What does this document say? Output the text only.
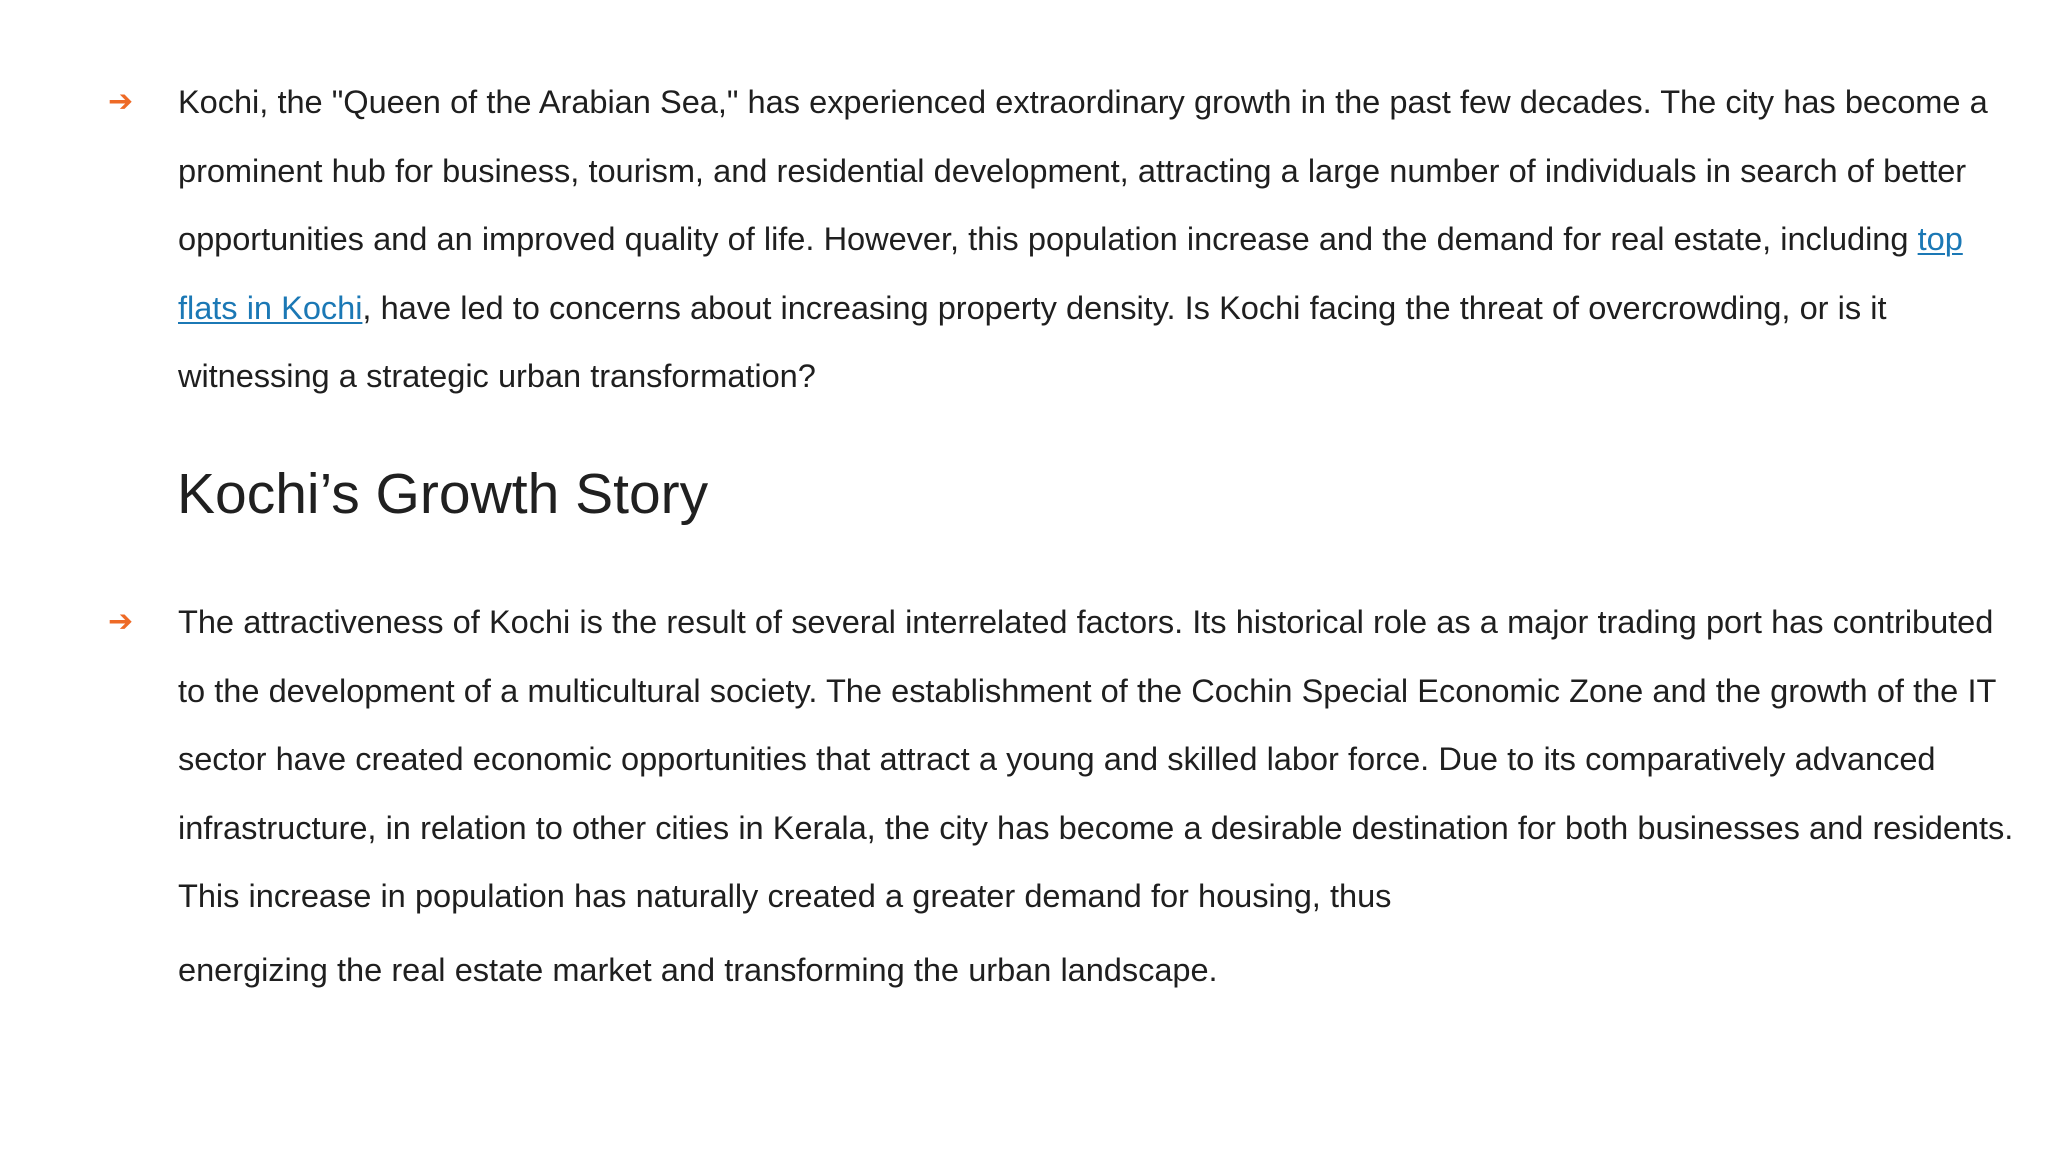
➔ Kochi, the "Queen of the Arabian Sea," has experienced extraordinary growth in the past few decades. The city has become a prominent hub for business, tourism, and residential development, attracting a large number of individuals in search of better opportunities and an improved quality of life. However, this population increase and the demand for real estate, including top flats in Kochi, have led to concerns about increasing property density. Is Kochi facing the threat of overcrowding, or is it witnessing a strategic urban transformation?

Kochi’s Growth Story
➔ The attractiveness of Kochi is the result of several interrelated factors. Its historical role as a major trading port has contributed to the development of a multicultural society. The establishment of the Cochin Special Economic Zone and the growth of the IT sector have created economic opportunities that attract a young and skilled labor force. Due to its comparatively advanced infrastructure, in relation to other cities in Kerala, the city has become a desirable destination for both businesses and residents. This increase in population has naturally created a greater demand for housing, thus
energizing the real estate market and transforming the urban landscape.
